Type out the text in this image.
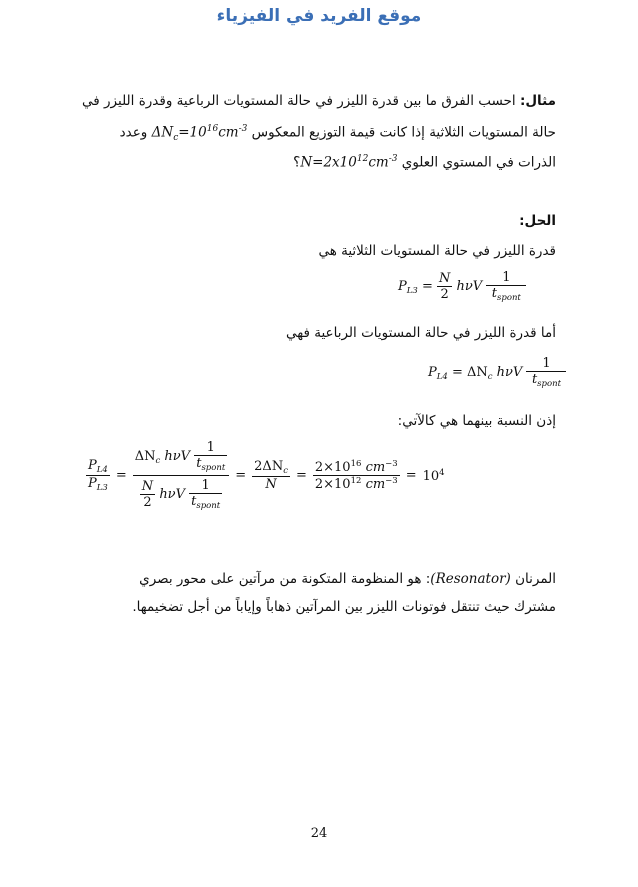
موقع الفريد في الفيزياء
مثال: احسب الفرق ما بين قدرة الليزر في حالة المستويات الرباعية وقدرة الليزر في
حالة المستويات الثلاثية إذا كانت قيمة التوزيع المعكوس $\Delta N_c=10^{16}cm^{-3}$ وعدد
الذرات في المستوي العلوي $N=2x10^{12}cm^{-3}؟$
الحل:
قدرة الليزر في حالة المستويات الثلاثية هي
$P_{L3} = \frac{N}{2}$ hνV $\frac{1}{t_{spont}}$
أما قدرة الليزر في حالة المستويات الرباعية فهي
$P_{L4} = \Delta N_c$ hνV $\frac{1}{t_{spont}}$
إذن النسبة بينهما هي كالآتي:
$\frac{P_{L4}}{P_{L3}} = \frac{\Delta N_c h\nu V \frac{1}{t_{spont}}}{\frac{N}{2} h\nu V \frac{1}{t_{spont}}} = \frac{2\Delta N_c}{N} = \frac{2\times 10^{16} cm^{-3}}{2\times 10^{12} cm^{-3}} = 10^4$
المرنان (Resonator): هو المنظومة المتكونة من مرآتين على محور بصري
مشترك حيث تنتقل فوتونات الليزر بين المرآتين ذهاباً وإياباً من أجل تضخيمها.
24
